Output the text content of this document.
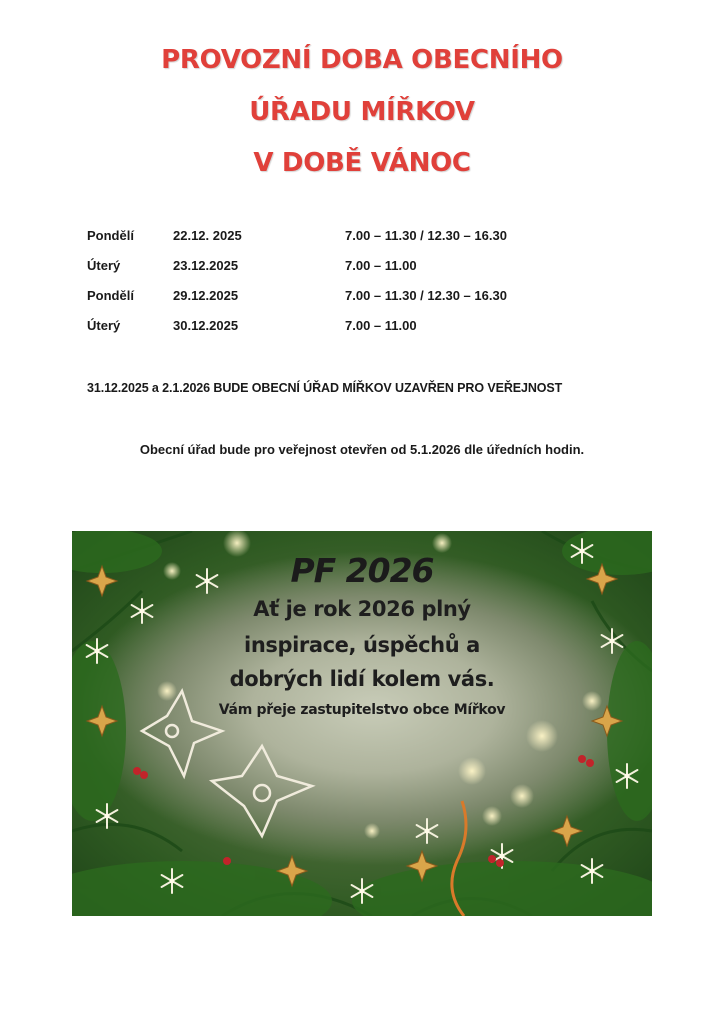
PROVOZNÍ DOBA OBECNÍHO
ÚŘADU MÍŘKOV
V DOBĚ VÁNOC
Pondělí	22.12. 2025	7.00 – 11.30 / 12.30 – 16.30
Úterý	23.12.2025	7.00 – 11.00
Pondělí	29.12.2025	7.00 – 11.30 / 12.30 – 16.30
Úterý	30.12.2025	7.00 – 11.00
31.12.2025 a 2.1.2026 BUDE OBECNÍ ÚŘAD MÍŘKOV UZAVŘEN PRO VEŘEJNOST
Obecní úřad bude pro veřejnost otevřen od 5.1.2026 dle úředních hodin.
PF 2026
Ať je rok 2026 plný
inspirace, úspěchů a
dobrých lidí kolem vás.
Vám přeje zastupitelstvo obce Mířkov
